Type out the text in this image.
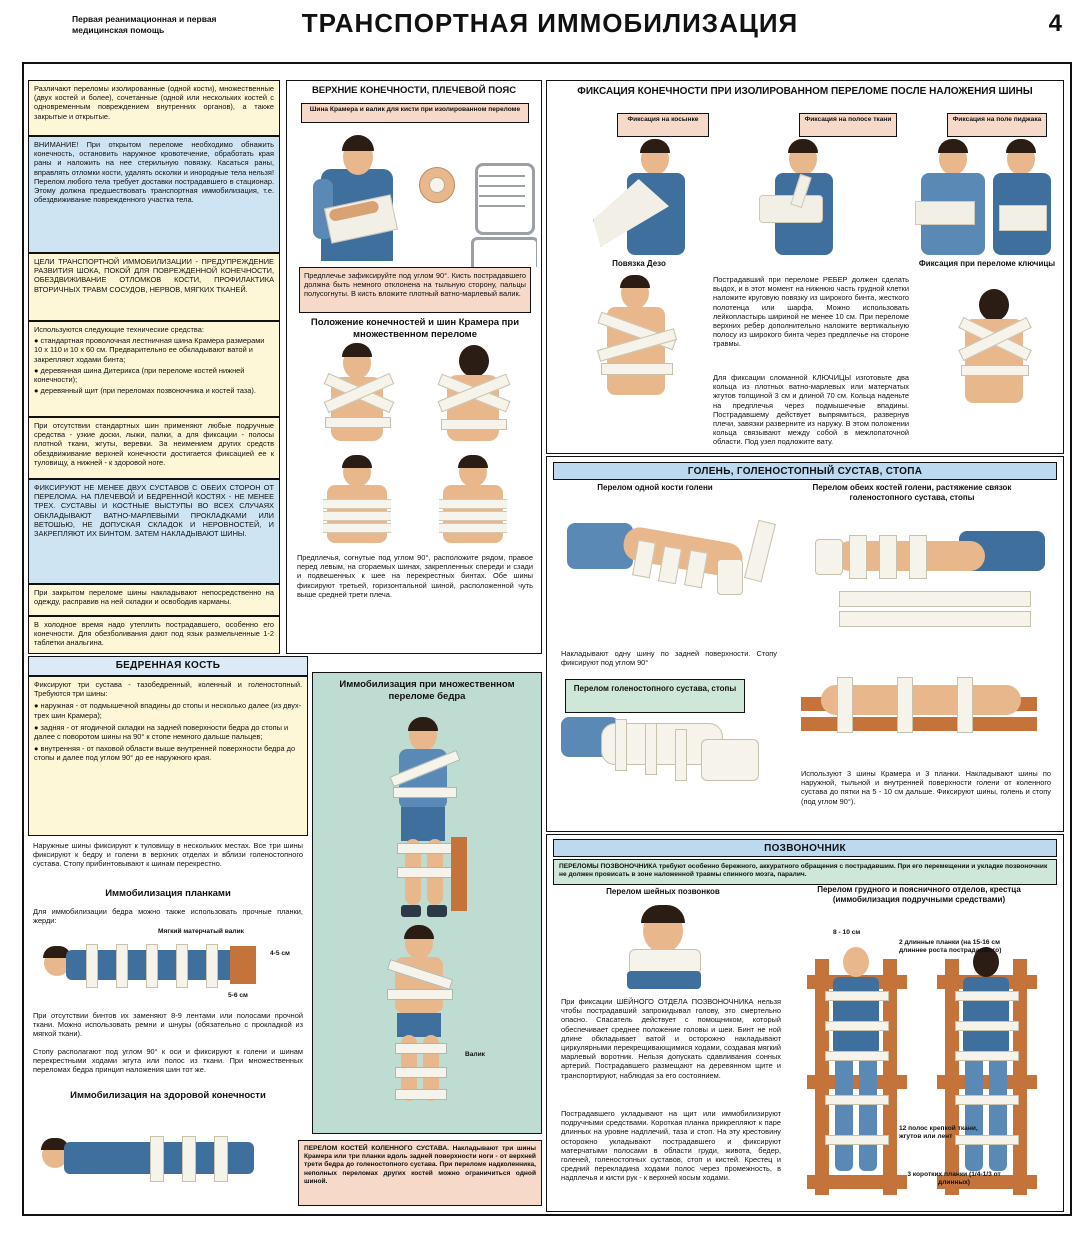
Первая реанимационная и первая медицинская помощь	ТРАНСПОРТНАЯ ИММОБИЛИЗАЦИЯ	4
Различают переломы изолированные (одной кости), множественные (двух костей и более), сочетанные (одной или нескольких костей с одновременным повреждением внутренних органов), а также закрытые и открытые.
ВНИМАНИЕ! При открытом переломе необходимо обнажить конечность, остановить наружное кровотечение, обработать края раны и наложить на нее стерильную повязку. Касаться раны, вправлять отломки кости, удалять осколки и инородные тела нельзя! Перелом любого тела требует доставки пострадавшего в стационар. Этому должна предшествовать транспортная иммобилизация, т.е. обездвиживание поврежденного участка тела.
ЦЕЛИ ТРАНСПОРТНОЙ ИММОБИЛИЗАЦИИ - ПРЕДУПРЕЖДЕНИЕ РАЗВИТИЯ ШОКА, ПОКОЙ ДЛЯ ПОВРЕЖДЕННОЙ КОНЕЧНОСТИ, ОБЕЗДВИЖИВАНИЕ ОТЛОМКОВ КОСТИ, ПРОФИЛАКТИКА ВТОРИЧНЫХ ТРАВМ СОСУДОВ, НЕРВОВ, МЯГКИХ ТКАНЕЙ.
Используются следующие технические средства:
● стандартная проволочная лестничная шина Крамера размерами 10 х 110 и 10 х 60 см. Предварительно ее обкладывают ватой и закрепляют ходами бинта;
● деревянная шина Дитерикса (при переломе костей нижней конечности);
● деревянный щит (при переломах позвоночника и костей таза).
При отсутствии стандартных шин применяют любые подручные средства - узкие доски, лыжи, палки, а для фиксации - полосы плотной ткани, жгуты, веревки. За неимением других средств обездвиживание верхней конечности достигается фиксацией ее к туловищу, а нижней - к здоровой ноге.
ФИКСИРУЮТ НЕ МЕНЕЕ ДВУХ СУСТАВОВ С ОБЕИХ СТОРОН ОТ ПЕРЕЛОМА. НА ПЛЕЧЕВОЙ И БЕДРЕННОЙ КОСТЯХ - НЕ МЕНЕЕ ТРЕХ. СУСТАВЫ И КОСТНЫЕ ВЫСТУПЫ ВО ВСЕХ СЛУЧАЯХ ОБКЛАДЫВАЮТ ВАТНО-МАРЛЕВЫМИ ПРОКЛАДКАМИ ИЛИ ВЕТОШЬЮ, НЕ ДОПУСКАЯ СКЛАДОК И НЕРОВНОСТЕЙ, И ЗАКРЕПЛЯЮТ ИХ БИНТОМ. ЗАТЕМ НАКЛАДЫВАЮТ ШИНЫ.
При закрытом переломе шины накладывают непосредственно на одежду, расправив на ней складки и освободив карманы.
В холодное время надо утеплить пострадавшего, особенно его конечности. Для обезболивания дают под язык размельченные 1-2 таблетки анальгина.
ВЕРХНИЕ КОНЕЧНОСТИ, ПЛЕЧЕВОЙ ПОЯС
Шина Крамера и валик для кисти при изолированном переломе
Предплечье зафиксируйте под углом 90°. Кисть пострадавшего должна быть немного отклонена на тыльную сторону, пальцы полусогнуты. В кисть вложите плотный ватно-марлевый валик.
Положение конечностей и шин Крамера при множественном переломе
Предплечья, согнутые под углом 90°, расположите рядом, правое перед левым, на сгораемых шинах, закрепленных спереди и сзади и подвешенных к шее на перекрестных бинтах. Обе шины фиксируют третьей, горизонтальной шиной, расположенной чуть выше средней трети плеча.
ФИКСАЦИЯ КОНЕЧНОСТИ ПРИ ИЗОЛИРОВАННОМ ПЕРЕЛОМЕ ПОСЛЕ НАЛОЖЕНИЯ ШИНЫ
Фиксация на косынке	Фиксация на полосе ткани	Фиксация на поле пиджака
Повязка Дезо	Фиксация при переломе ключицы
Пострадавший при переломе РЕБЕР должен сделать выдох, и в этот момент на нижнюю часть грудной клетки наложите круговую повязку из широкого бинта, жесткого полотенца или шарфа. Можно использовать лейкопластырь шириной не менее 10 см. При переломе верхних ребер дополнительно наложите вертикальную полосу из широкого бинта через предплечье на стороне травмы.
Для фиксации сломанной КЛЮЧИЦЫ изготовьте два кольца из плотных ватно-марлевых или матерчатых жгутов толщиной 3 см и длиной 70 см. Кольца наденьте на предплечья через подмышечные впадины. Пострадавшему действует выпрямиться, развернув плечи, завязки разверните из наружу. В этом положении кольца связывают между собой в межлопаточной области. Под узел подложите вату.
ГОЛЕНЬ, ГОЛЕНОСТОПНЫЙ СУСТАВ, СТОПА
Перелом одной кости голени	Перелом обеих костей голени, растяжение связок голеностопного сустава, стопы
Накладывают одну шину по задней поверхности. Стопу фиксируют под углом 90°
Перелом голеностопного сустава, стопы
Используют 3 шины Крамера и 3 планки. Накладывают шины по наружной, тыльной и внутренней поверхности голени от коленного сустава до пятки на 5 - 10 см дальше. Фиксируют шины, голень и стопу (под углом 90°).
БЕДРЕННАЯ КОСТЬ
Фиксируют три сустава - тазобедренный, коленный и голеностопный. Требуются три шины:
● наружная - от подмышечной впадины до стопы и несколько далее (из двух-трех шин Крамера);
● задняя - от ягодичной складки на задней поверхности бедра до стопы и далее с поворотом шины на 90° к стопе немного дальше пальцев;
● внутренняя - от паховой области выше внутренней поверхности бедра до стопы и далее под углом 90° до ее наружного края.
Наружные шины фиксируют к туловищу в нескольких местах. Все три шины фиксируют к бедру и голени в верхних отделах и вблизи голеностопного сустава. Стопу прибинтовывают к шинам перекрестно.
Иммобилизация планками
Для иммобилизации бедра можно также использовать прочные планки, жерди:
Мягкий матерчатый валик
4-5 см
5-6 см
При отсутствии бинтов их заменяют 8-9 лентами или полосами прочной ткани. Можно использовать ремни и шнуры (обязательно с прокладкой из мягкой ткани).
Стопу располагают под углом 90° к оси и фиксируют к голени и шинам перекрестными ходами жгута или полос из ткани. При множественных переломах бедра принцип наложения шин тот же.
Иммобилизация на здоровой конечности
Иммобилизация при множественном переломе бедра
Валик
ПЕРЕЛОМ КОСТЕЙ КОЛЕННОГО СУСТАВА. Накладывают три шины Крамера или три планки вдоль задней поверхности ноги - от верхней трети бедра до голеностопного сустава. При переломе надколенника, неполных переломах других костей можно ограничиться одной шиной.
ПОЗВОНОЧНИК
ПЕРЕЛОМЫ ПОЗВОНОЧНИКА требуют особенно бережного, аккуратного обращения с пострадавшим. При его перемещении и укладке позвоночник не должен провисать в зоне наложенной травмы спинного мозга, паралич.
Перелом шейных позвонков	Перелом грудного и поясничного отделов, крестца (иммобилизация подручными средствами)
При фиксации ШЕЙНОГО ОТДЕЛА ПОЗВОНОЧНИКА нельзя чтобы пострадавший запрокидывал голову, это смертельно опасно. Спасатель действует с помощником, который обеспечивает среднее положение головы и шеи. Бинт не ной длине обкладывает ватой и осторожно накладывают циркулярными перекрещивающимися ходами, создавая мягкий марлевый воротник. Нельзя допускать сдавливания сонных артерий. Пострадавшего размещают на деревянном щите и транспортируют, наблюдая за его состоянием.
Пострадавшего укладывают на щит или иммобилизируют подручными средствами. Короткая планка прикрепляют к паре длинных на уровне надплечий, таза и стоп. На эту крестовину осторожно укладывают пострадавшего и фиксируют матерчатыми полосами в области груди, живота, бедер, голеней, голеностопных суставов, стоп и кистей. Крестец и средний перекладина ходами полос через промежность, в надплечья и кисти рук - к верхней косым ходами.
8 - 10 см
2 длинные планки (на 15-16 см длиннее роста пострадавшего)
12 полос крепкой ткани, жгутов или лент
3 коротких планки (1/4-1/3 от длинных)
